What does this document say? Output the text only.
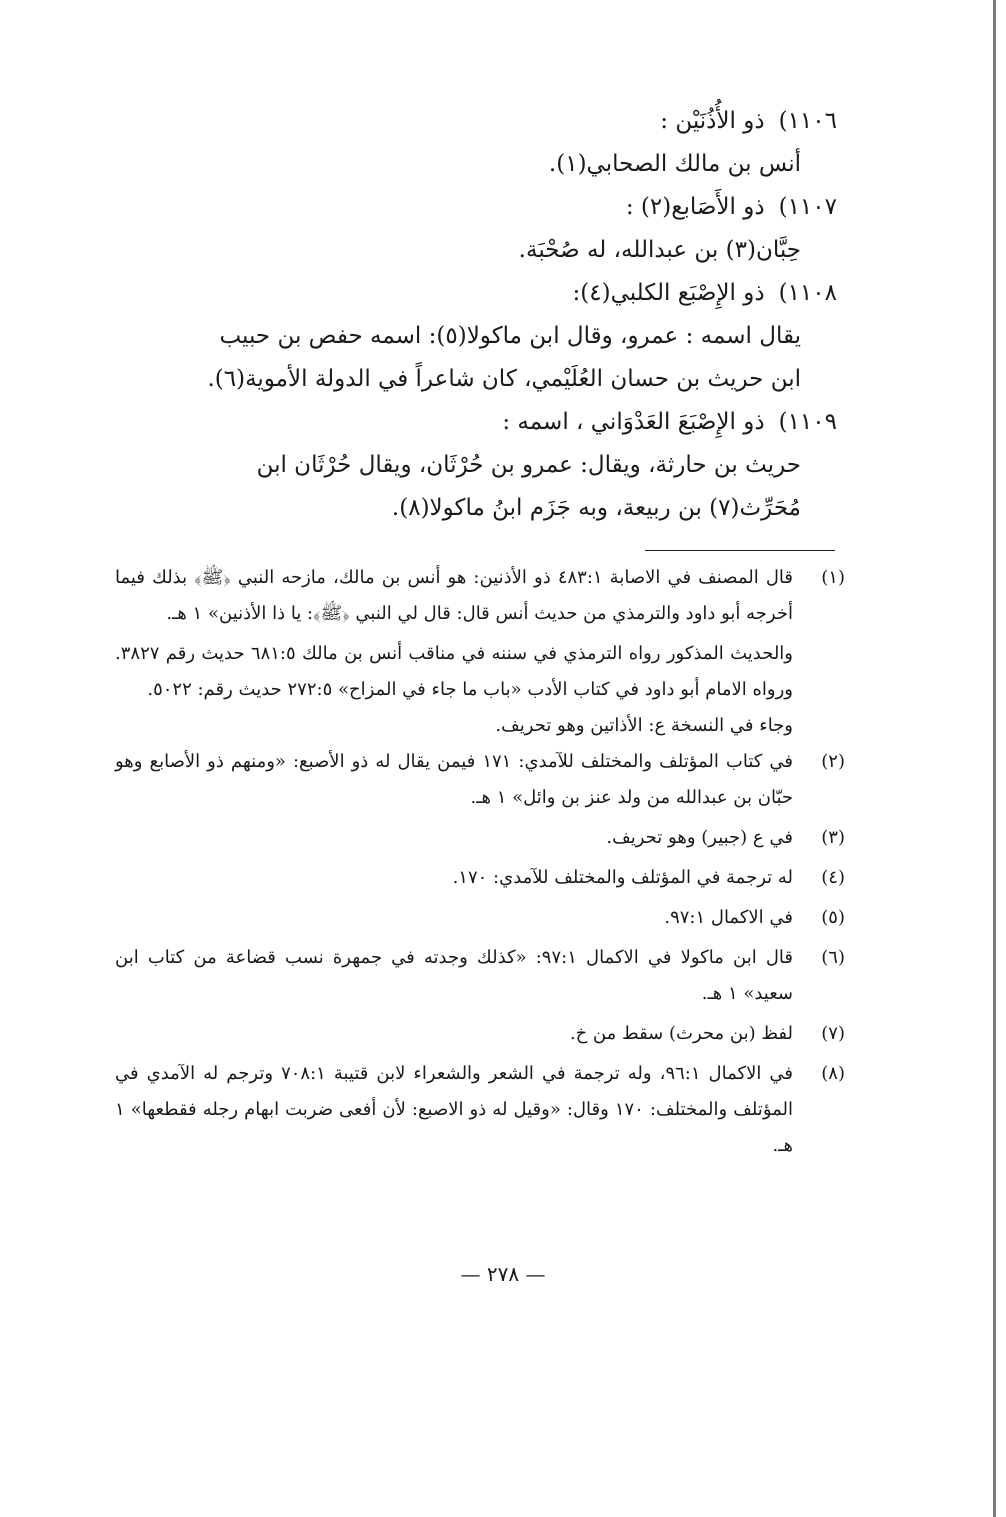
١١٠٦)ذو الأُذُنَيْن :
أنس بن مالك الصحابي(١).
١١٠٧)ذو الأَصَابع(٢) :
حِبَّان(٣) بن عبدالله، له صُحْبَة.
١١٠٨)ذو الإِصْبَع الكلبي(٤):
يقال اسمه : عمرو، وقال ابن ماكولا(٥): اسمه حفص بن حبيب
ابن حريث بن حسان العُلَيْمي، كان شاعراً في الدولة الأموية(٦).
١١٠٩)ذو الإِصْبَعَ العَدْوَاني ، اسمه :
حريث بن حارثة، ويقال: عمرو بن حُرْثَان، ويقال حُرْثَان ابن
مُحَرِّث(٧) بن ربيعة، وبه جَزَم ابنُ ماكولا(٨).
(١)
قال المصنف في الاصابة ٤٨٣:١ ذو الأذنين: هو أنس بن مالك، مازحه النبي ﴿ﷺ﴾ بذلك فيما أخرجه أبو داود والترمذي من حديث أنس قال: قال لي النبي ﴿ﷺ﴾: يا ذا الأذنين» ١ هـ.
والحديث المذكور رواه الترمذي في سننه في مناقب أنس بن مالك ٦٨١:٥ حديث رقم ٣٨٢٧. ورواه الامام أبو داود في كتاب الأدب «باب ما جاء في المزاح» ٢٧٢:٥ حديث رقم: ٥٠٢٢.
وجاء في النسخة ع: الأذاتين وهو تحريف.
(٢)
في كتاب المؤتلف والمختلف للآمدي: ١٧١ فيمن يقال له ذو الأصبع: «ومنهم ذو الأصابع وهو حبّان بن عبدالله من ولد عنز بن وائل» ١ هـ.
(٣)
في ع (جبير) وهو تحريف.
(٤)
له ترجمة في المؤتلف والمختلف للآمدي: ١٧٠.
(٥)
في الاكمال ٩٧:١.
(٦)
قال ابن ماكولا في الاكمال ٩٧:١: «كذلك وجدته في جمهرة نسب قضاعة من كتاب ابن سعيد» ١ هـ.
(٧)
لفظ (بن محرث) سقط من خ.
(٨)
في الاكمال ٩٦:١، وله ترجمة في الشعر والشعراء لابن قتيبة ٧٠٨:١ وترجم له الآمدي في المؤتلف والمختلف: ١٧٠ وقال: «وقيل له ذو الاصبع: لأن أفعى ضربت ابهام رجله فقطعها» ١ هـ.
— ٢٧٨ —
